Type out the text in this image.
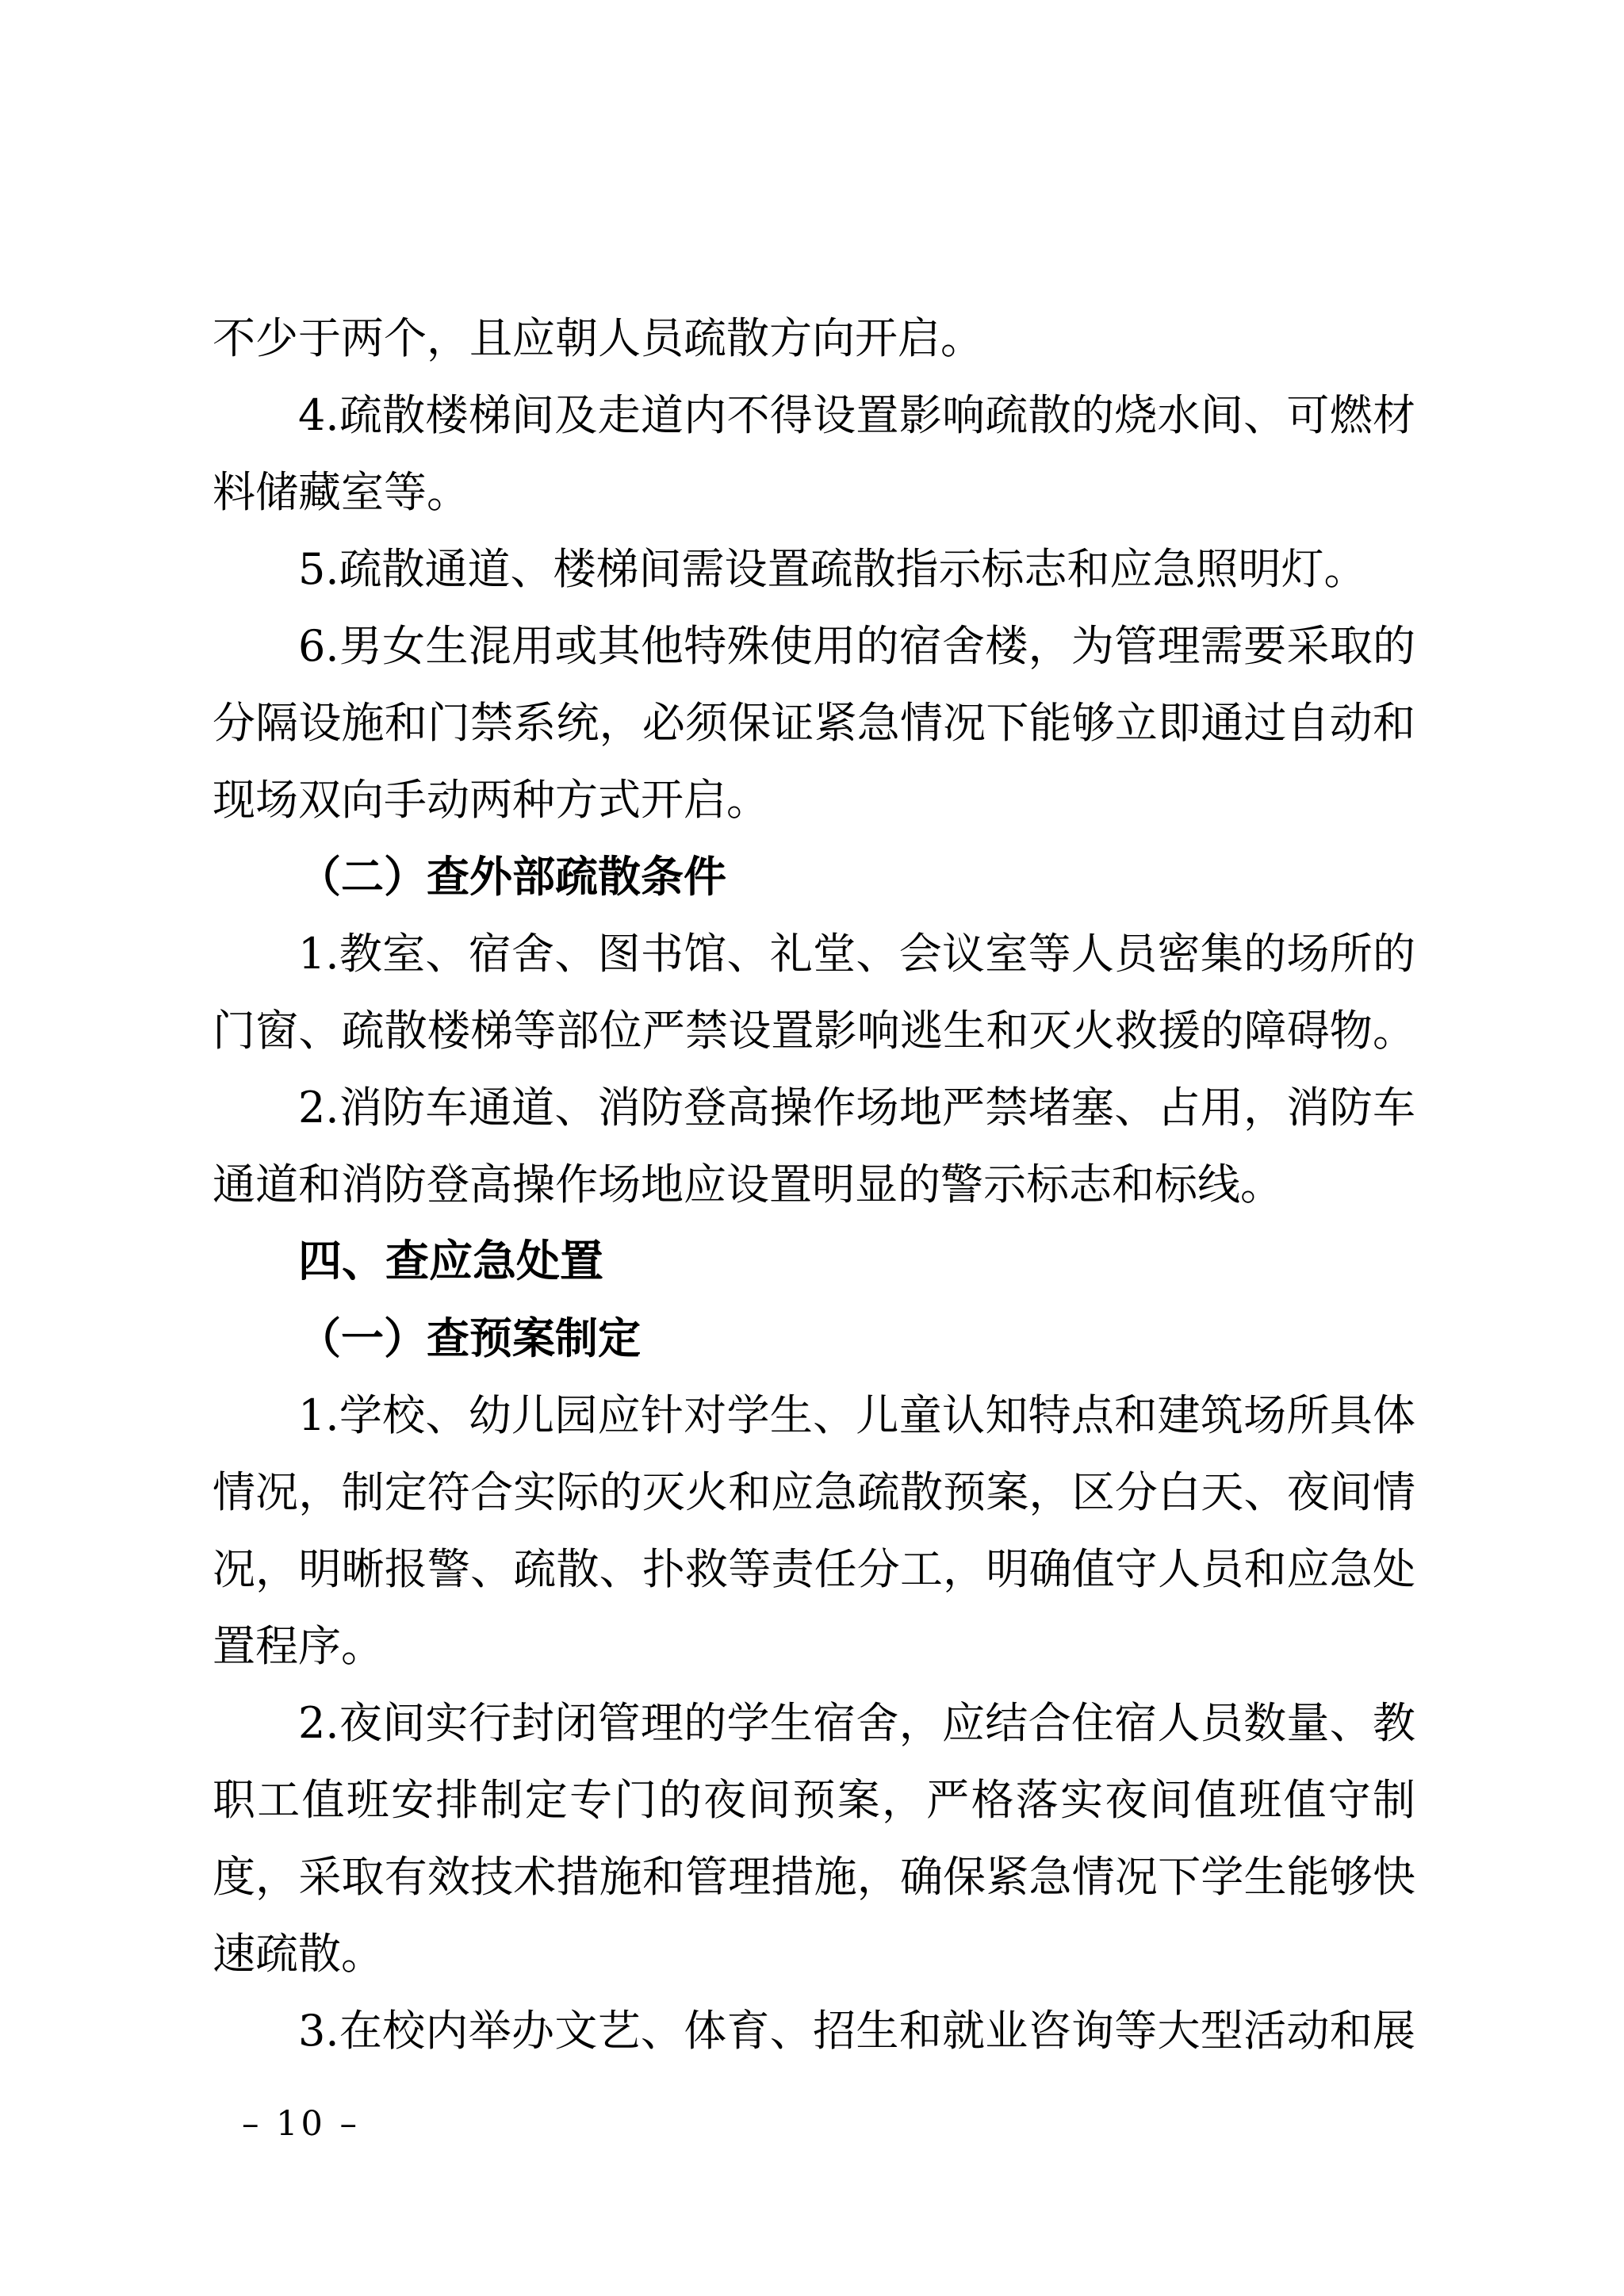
不少于两个，且应朝人员疏散方向开启。
4.疏散楼梯间及走道内不得设置影响疏散的烧水间、可燃材
料储藏室等。
5.疏散通道、楼梯间需设置疏散指示标志和应急照明灯。
6.男女生混用或其他特殊使用的宿舍楼，为管理需要采取的
分隔设施和门禁系统，必须保证紧急情况下能够立即通过自动和
现场双向手动两种方式开启。
（二）查外部疏散条件
1.教室、宿舍、图书馆、礼堂、会议室等人员密集的场所的
门窗、疏散楼梯等部位严禁设置影响逃生和灭火救援的障碍物。
2.消防车通道、消防登高操作场地严禁堵塞、占用，消防车
通道和消防登高操作场地应设置明显的警示标志和标线。
四、查应急处置
（一）查预案制定
1.学校、幼儿园应针对学生、儿童认知特点和建筑场所具体
情况，制定符合实际的灭火和应急疏散预案，区分白天、夜间情
况，明晰报警、疏散、扑救等责任分工，明确值守人员和应急处
置程序。
2.夜间实行封闭管理的学生宿舍，应结合住宿人员数量、教
职工值班安排制定专门的夜间预案，严格落实夜间值班值守制
度，采取有效技术措施和管理措施，确保紧急情况下学生能够快
速疏散。
3.在校内举办文艺、体育、招生和就业咨询等大型活动和展
– 10 –
